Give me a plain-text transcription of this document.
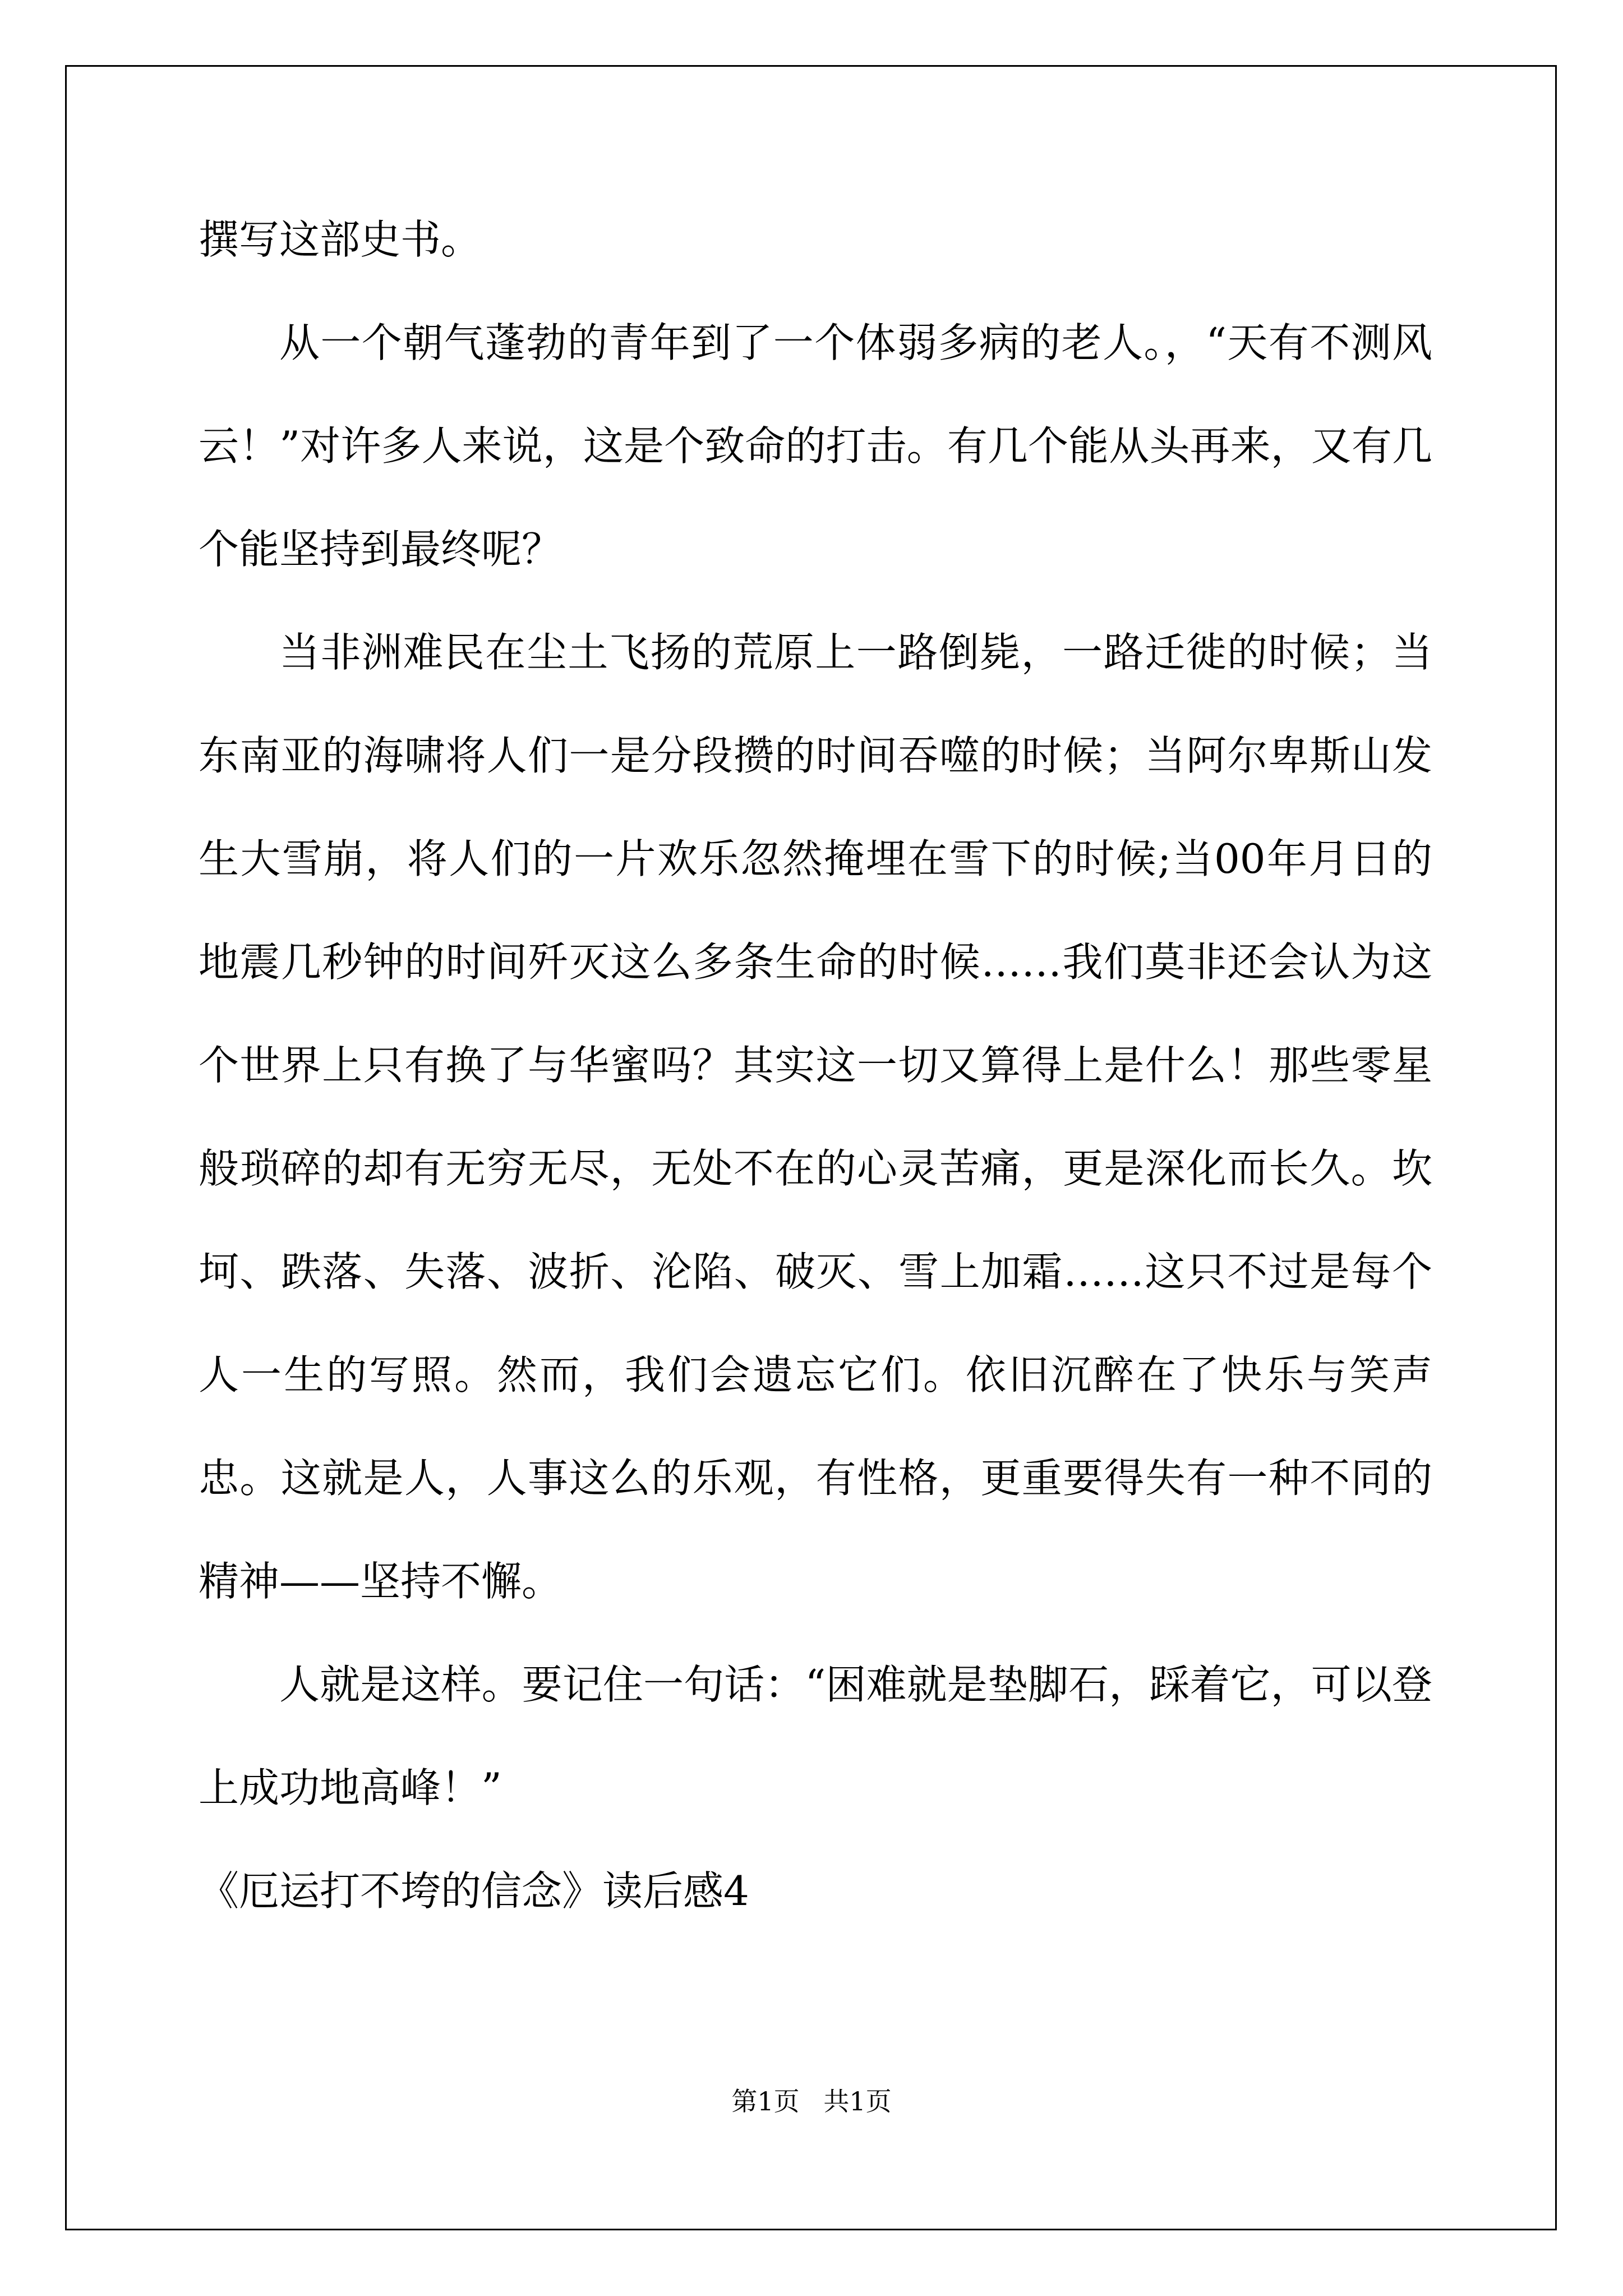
撰写这部史书。

从一个朝气蓬勃的青年到了一个体弱多病的老人。，“天有不测风云！”对许多人来说，这是个致命的打击。有几个能从头再来，又有几个能坚持到最终呢？

当非洲难民在尘土飞扬的荒原上一路倒毙，一路迁徙的时候；当东南亚的海啸将人们一是分段攒的时间吞噬的时候；当阿尔卑斯山发生大雪崩，将人们的一片欢乐忽然掩埋在雪下的时候;当00年月日的地震几秒钟的时间歼灭这么多条生命的时候……我们莫非还会认为这个世界上只有换了与华蜜吗？其实这一切又算得上是什么！那些零星般琐碎的却有无穷无尽，无处不在的心灵苦痛，更是深化而长久。坎坷、跌落、失落、波折、沦陷、破灭、雪上加霜……这只不过是每个人一生的写照。然而，我们会遗忘它们。依旧沉醉在了快乐与笑声忠。这就是人，人事这么的乐观，有性格，更重要得失有一种不同的精神——坚持不懈。

人就是这样。要记住一句话：“困难就是垫脚石，踩着它，可以登上成功地高峰！”

《厄运打不垮的信念》读后感4

第1页 共1页
